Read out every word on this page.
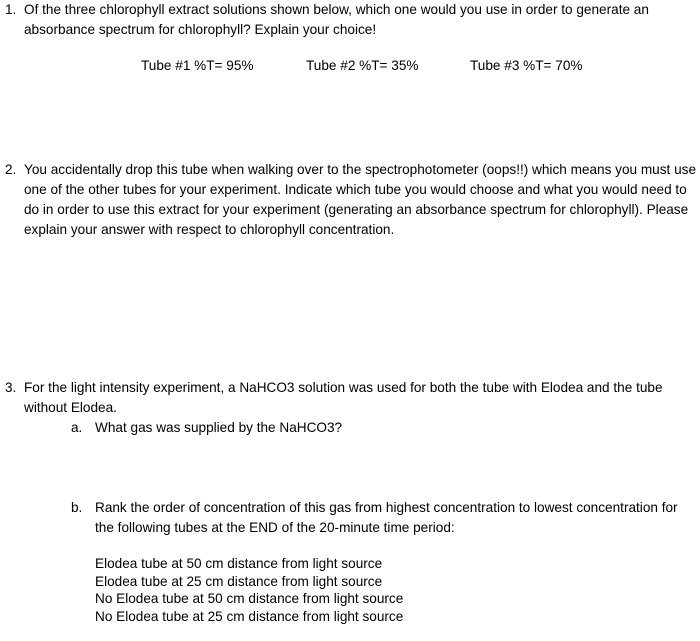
1. Of the three chlorophyll extract solutions shown below, which one would you use in order to generate an absorbance spectrum for chlorophyll? Explain your choice!
Tube #1 %T= 95%	Tube #2 %T= 35%	Tube #3 %T= 70%
2. You accidentally drop this tube when walking over to the spectrophotometer (oops!!) which means you must use one of the other tubes for your experiment. Indicate which tube you would choose and what you would need to do in order to use this extract for your experiment (generating an absorbance spectrum for chlorophyll). Please explain your answer with respect to chlorophyll concentration.
3. For the light intensity experiment, a NaHCO3 solution was used for both the tube with Elodea and the tube without Elodea.
a. What gas was supplied by the NaHCO3?
b. Rank the order of concentration of this gas from highest concentration to lowest concentration for the following tubes at the END of the 20-minute time period:
Elodea tube at 50 cm distance from light source
Elodea tube at 25 cm distance from light source
No Elodea tube at 50 cm distance from light source
No Elodea tube at 25 cm distance from light source
